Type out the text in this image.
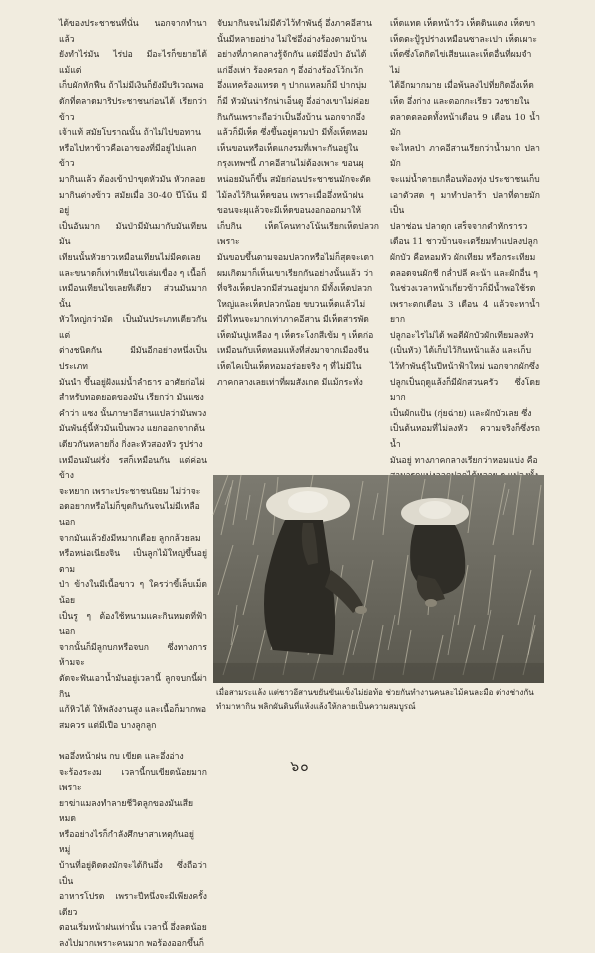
ได้ของประชาชนที่นั่น นอกจากทำนาแล้ว
ยังทำไร่มัน ไร่ปอ มีอะไรก็ขยายได้ แม้แต่
เก็บผักหักฟืน ถ้าไม่มีเงินก็ยังมีบริเวณพอ
ดักที่ตลาดมาริประชาชนก่อนได้ เรียกว่าข้าว
เจ้าแท้ สมัยโบราณนั้น ถ้าไม่ไปขอทาน
หรือไปหาข้าวคือเอาของที่มีอยู่ไปแลกข้าว
มากินแล้ว ต้องเข้าป่าขุดหัวมัน หัวกลอย
มากินต่างข้าว สมัยเมื่อ 30-40 ปีโน้น มีอยู่
เป็นอันมาก มันป่ามีมันมากับมันเทียน มัน
เทียนนั้นหัวยาวเหมือนเทียนไม่มีคดเลย
และขนาดก็เท่าเทียนไขเล่มเขื่อง ๆ เนื้อก็
เหมือนเทียนไขเลยทีเดียว ส่วนมันมากนั้น
หัวใหญ่กว่ามัด เป็นมันประเภทเดียวกัน แต่
ต่างชนิดกัน มีมันอีกอย่างหนึ่งเป็นประเภท
มันนำ ขึ้นอยู่ฝังแม่น้ำลำธาร อาศัยก่อไผ่
สำหรับทอดยอดของมัน เรียกว่า มันแซง
คำว่า แซง นั้นภาษาอีสานแปลว่ามันพวง
มันพันธุ์นี้หัวมันเป็นพวง แยกออกจากต้น
เดียวกันหลายกิ่ง กิ่งละหัวสองหัว รูปร่าง
เหมือนมันฝรั่ง รสก็เหมือนกัน แต่ค่อนข้าง
จะหยาก เพราะประชาชนนิยม ไม่ว่าจะ
อดอยากหรือไม่ก็ขุดกินกันจนไม่มีเหลือ นอก
จากมันแล้วยังมีหมากเดือย ลูกกล้วยลม
หรือหน่อเนียงจิน เป็นลูกไม้ใหญ่ขึ้นอยู่ตาม
ป่า ข้างในมีเนื้อขาว ๆ ใครว่าขี้เล็บเม็ดน้อย
เป็นรู ๆ ต้องใช้หนามแคะกินหมดที่ฟ้า นอก
จากนั้นก็มีลูกบกหรือจบก ซึ่งทางการห้ามจะ
ตัดจะฟันเอาน้ำมันอยู่เวลานี้ ลูกจบกนี้ผ่ากิน
แก้หิวได้ ให้พลังงานสูง และเนื้อก็มากพอ
สมควร แต่มีเปือ บางลูกลูก

พออึ่งหน้าฝน กบ เขียด และอึ่งอ่าง
จะร้องระงม เวลานี้กบเขียดน้อยมาก เพราะ
ยาฆ่าแมลงทำลายชีวิตลูกของมันเสียหมด
หรืออย่างไรก็กำลังศึกษาสาเหตุกันอยู่ หมู่
บ้านที่อยู่ติดดงมักจะได้กินอึ่ง ซึ่งถือว่าเป็น
อาหารโปรด เพราะปีหนึ่งจะมีเพียงครั้งเดียว
ตอนเริ่มหน้าฝนเท่านั้น เวลานี้ อึ่งลดน้อย
ลงไปมากเพราะคนมาก พอร้องออกขึ้นก็
จับมากินจนไม่มีตัวไว้ทำพันธุ์ อึ่งภาคอีสาน
นั้นมีหลายอย่าง ไม่ใช่อึ่งอ่างร้องตามบ้าน
อย่างที่ภาคกลางรู้จักกัน แต่มีอึ่งป่า อันได้
แก่อึ่งเห่า ร้องครอก ๆ อึ่งอ่างร้องโว้กเว้ก
อึ่งแทคร้องแทรด ๆ ปากแหลมก็มี ปากบุ่ม
ก็มี หัวมันน่ารักน่าเอ็นดู อึ่งอ่างเขาไม่ค่อย
กินกันเพราะถือว่าเป็นอึ่งบ้าน นอกจากอึ่ง
แล้วก็มีเห็ด ซึ่งขึ้นอยู่ตามป่า มีทั้งเห็ดหอม
เห็นขอนหรือเห็ดแกงรมที่เพาะกันอยู่ใน
กรุงเทพฯนี้ ภาคอีสานไม่ต้องเพาะ ขอนผุ
หน่อยมันก็ขึ้น สมัยก่อนประชาชนมักจะตัด
ไม้ลงไว้กินเห็ดขอน เพราะเมื่ออึ่งหน้าฝน
ขอนจะผุแล้วจะมีเห็ดขอนงอกออกมาให้
เก็บกิน เห็ดโคนทางโน้นเรียกเห็ดปลวก เพราะ
มันขอบขึ้นตามจอมปลวกหรือไม่ก็สุดจะเดา
ผมเกิดมาก็เห็นเขาเรียกกันอย่างนั้นแล้ว ว่า
ที่จริงเห็ดปลวกมีส่วนอยู่มาก มีทั้งเห็ดปลวก
ใหญ่และเห็ดปลวกน้อย ขบวนเห็ดแล้วไม่
มีที่ไหนจะมากเท่าภาคอีสาน มีเห็ดสารพัด
เห็ดมันปูเหลือง ๆ เห็ดระโงกสีเข้ม ๆ เห็ดก่อ
เหมือนกับเห็ดหอมแห้งที่ส่งมาจากเมืองจีน
เห็ดไคเป็นเห็ดหอมอร่อยจริง ๆ ที่ไม่มีใน
ภาคกลางเลยเท่าที่ผมสังเกต มีแม้กระทั่ง
เห็ดแทด เห็ดหน้าวัว เห็ดดินแดง เห็ดขา
เห็ดตะปู้รูปร่างเหมือนซาละเปา เห็ดเผาะ
เห็ดซึ่งโตกิดไข่เสียนและเห็ดอื่นที่ผมจำไม่
ได้อีกมากมาย เมื่อพ้นลงไปที่ยกิดอึ่งเห็ด
เห็ด อึ่งก่าง และตอกกะเรียว วงชายใน
ตลาดตลอดทั้งหน้าเดือน 9 เดือน 10 น้ำมัก
จะไหลป่า ภาคอีสานเรียกว่าน้ำมาก ปลามัก
จะแม่น้ำตายเกลื่อนท้องทุ่ง ประชาชนเก็บ
เอาตัวสด ๆ มาทำปลาร้า ปลาที่ตายมักเป็น
ปลาช่อน ปลาดุก เสร็จจากตำหักรารว
เดือน 11 ชาวบ้านจะเตรียมทำแปลงปลูก
ผักบัว คือหอมหัว ผักเทียม หรือกระเทียม
ตลอดจนผักชี กล่ำปลี คะน้า และผักอื่น ๆ
ในช่วงเวลาหน้าเกี่ยวข้าวก็มีน้ำพอใช้รด
เพราะตกเดือน 3 เดือน 4 แล้วจะหาน้ำยาก
ปลูกอะไรไม่ได้ พอตีผักบัวผักเทียมลงหัว
(เป็นหัว) ได้เก็บไว้กินหน้าแล้ง และเก็บ
ไว้ทำพันธุ์ในปีหน้าฟ้าใหม่ นอกจากผักซึ่ง
ปลูกเป็นฤดูแล้งก็มีผักสวนครัว ซึ่งโดยมาก
เป็นผักแป้น (กุ่ยฉ่าย) และผักบัวเลย ซึ่ง
เป็นต้นหอมที่ไม่ลงหัว ความจริงก็ซึ่งรถน้ำ
มันอยู่ ทางภาคกลางเรียกว่าหอมแบ่ง คือ

เมื่อสามระแล้ง แต่ชาวอีสานขยันขันแข็งไม่ย่อท้อ ช่วยกันทำงานคนละไม้คนละมือ ต่างช่างกัน
ทำมาหากิน พลิกผันดินที่แห้งแล้งให้กลายเป็นความสมบูรณ์
๖๐
